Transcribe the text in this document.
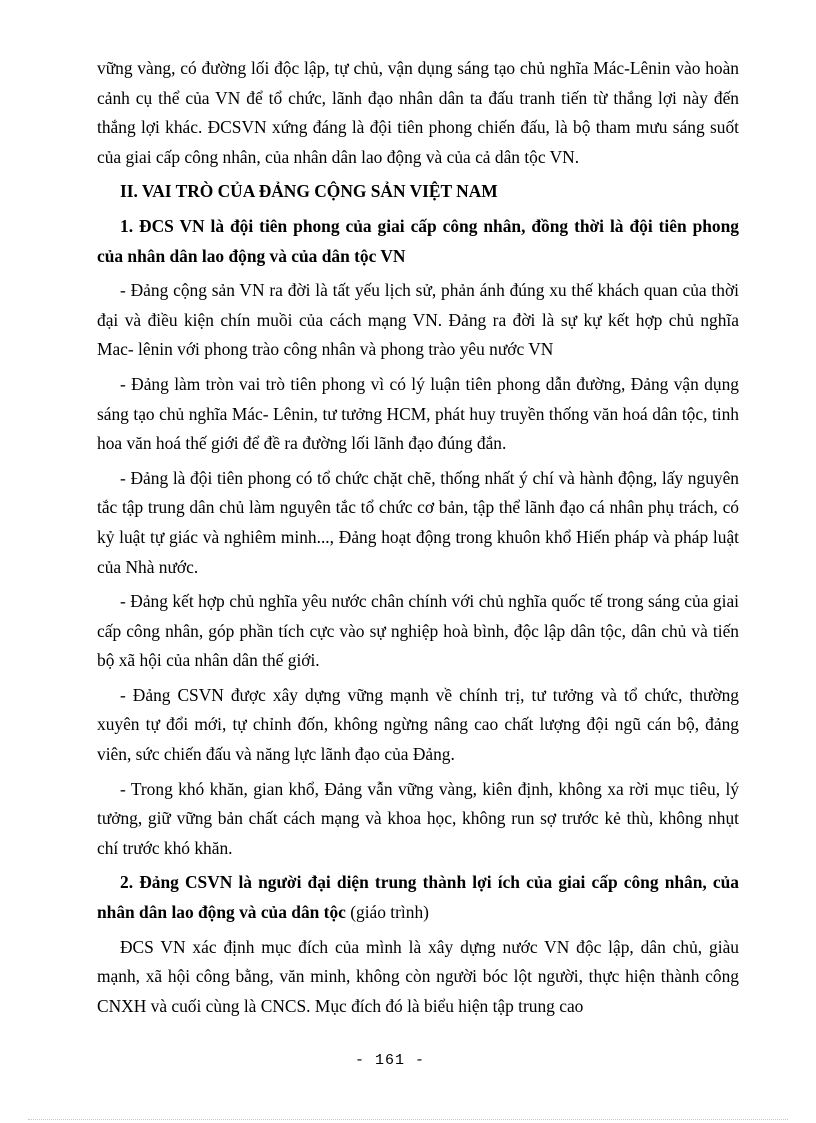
vững vàng, có đường lối độc lập, tự chủ, vận dụng sáng tạo chủ nghĩa Mác-Lênin vào hoàn cảnh cụ thể của VN để tổ chức, lãnh đạo nhân dân ta đấu tranh tiến từ thắng lợi này đến thắng lợi khác. ĐCSVN xứng đáng là đội tiên phong chiến đấu, là bộ tham mưu sáng suốt của giai cấp công nhân, của nhân dân lao động và của cả dân tộc VN.

II. VAI TRÒ CỦA ĐẢNG CỘNG SẢN VIỆT NAM

1. ĐCS VN là đội tiên phong của giai cấp công nhân, đồng thời là đội tiên phong của nhân dân lao động và của dân tộc VN

- Đảng cộng sản VN ra đời là tất yếu lịch sử, phản ánh đúng xu thế khách quan của thời đại và điều kiện chín muồi của cách mạng VN. Đảng ra đời là sự kự kết hợp chủ nghĩa Mac- lênin với phong trào công nhân và phong trào yêu nước VN

- Đảng làm tròn vai trò tiên phong vì có lý luận tiên phong dẫn đường, Đảng vận dụng sáng tạo chủ nghĩa Mác- Lênin, tư tưởng HCM, phát huy truyền thống văn hoá dân tộc, tinh hoa văn hoá thế giới để đề ra đường lối lãnh đạo đúng đắn.

- Đảng là đội tiên phong có tổ chức chặt chẽ, thống nhất ý chí và hành động, lấy nguyên tắc tập trung dân chủ làm nguyên tắc tổ chức cơ bản, tập thể lãnh đạo cá nhân phụ trách, có kỷ luật tự giác và nghiêm minh..., Đảng hoạt động trong khuôn khổ Hiến pháp và pháp luật của Nhà nước.

- Đảng kết hợp chủ nghĩa yêu nước chân chính với chủ nghĩa quốc tế trong sáng của giai cấp công nhân, góp phần tích cực vào sự nghiệp hoà bình, độc lập dân tộc, dân chủ và tiến bộ xã hội của nhân dân thế giới.

- Đảng CSVN được xây dựng vững mạnh về chính trị, tư tưởng và tổ chức, thường xuyên tự đổi mới, tự chỉnh đốn, không ngừng nâng cao chất lượng đội ngũ cán bộ, đảng viên, sức chiến đấu và năng lực lãnh đạo của Đảng.

- Trong khó khăn, gian khổ, Đảng vẫn vững vàng, kiên định, không xa rời mục tiêu, lý tưởng, giữ vững bản chất cách mạng và khoa học, không run sợ trước kẻ thù, không nhụt chí trước khó khăn.

2. Đảng CSVN là người đại diện trung thành lợi ích của giai cấp công nhân, của nhân dân lao động và của dân tộc (giáo trình)

ĐCS VN xác định mục đích của mình là xây dựng nước VN độc lập, dân chủ, giàu mạnh, xã hội công bằng, văn minh, không còn người bóc lột người, thực hiện thành công CNXH và cuối cùng là CNCS. Mục đích đó là biểu hiện tập trung cao

- 161 -
